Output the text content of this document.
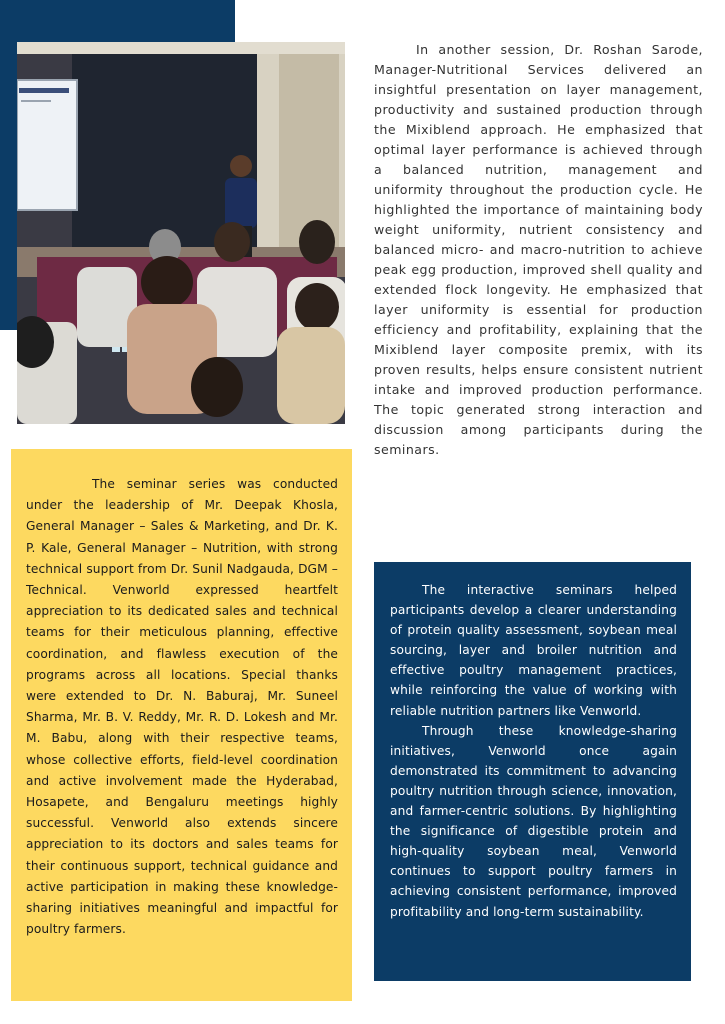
In another session, Dr. Roshan Sarode, Manager-Nutritional Services delivered an insightful presentation on layer management, productivity and sustained production through the Mixiblend approach. He emphasized that optimal layer performance is achieved through a balanced nutrition, management and uniformity throughout the production cycle. He highlighted the importance of maintaining body weight uniformity, nutrient consistency and balanced micro- and macro-nutrition to achieve peak egg production, improved shell quality and extended flock longevity. He emphasized that layer uniformity is essential for production efficiency and profitability, explaining that the Mixiblend layer composite premix, with its proven results, helps ensure consistent nutrient intake and improved production performance. The topic generated strong interaction and discussion among participants during the seminars.
The seminar series was conducted under the leadership of Mr. Deepak Khosla, General Manager – Sales & Marketing, and Dr. K. P. Kale, General Manager – Nutrition, with strong technical support from Dr. Sunil Nadgauda, DGM – Technical. Venworld expressed heartfelt appreciation to its dedicated sales and technical teams for their meticulous planning, effective coordination, and flawless execution of the programs across all locations. Special thanks were extended to Dr. N. Baburaj, Mr. Suneel Sharma, Mr. B. V. Reddy, Mr. R. D. Lokesh and Mr. M. Babu, along with their respective teams, whose collective efforts, field-level coordination and active involvement made the Hyderabad, Hosapete, and Bengaluru meetings highly successful. Venworld also extends sincere appreciation to its doctors and sales teams for their continuous support, technical guidance and active participation in making these knowledge-sharing initiatives meaningful and impactful for poultry farmers.

The interactive seminars helped participants develop a clearer understanding of protein quality assessment, soybean meal sourcing, layer and broiler nutrition and effective poultry management practices, while reinforcing the value of working with reliable nutrition partners like Venworld.

Through these knowledge-sharing initiatives, Venworld once again demonstrated its commitment to advancing poultry nutrition through science, innovation, and farmer-centric solutions. By highlighting the significance of digestible protein and high-quality soybean meal, Venworld continues to support poultry farmers in achieving consistent performance, improved profitability and long-term sustainability.
